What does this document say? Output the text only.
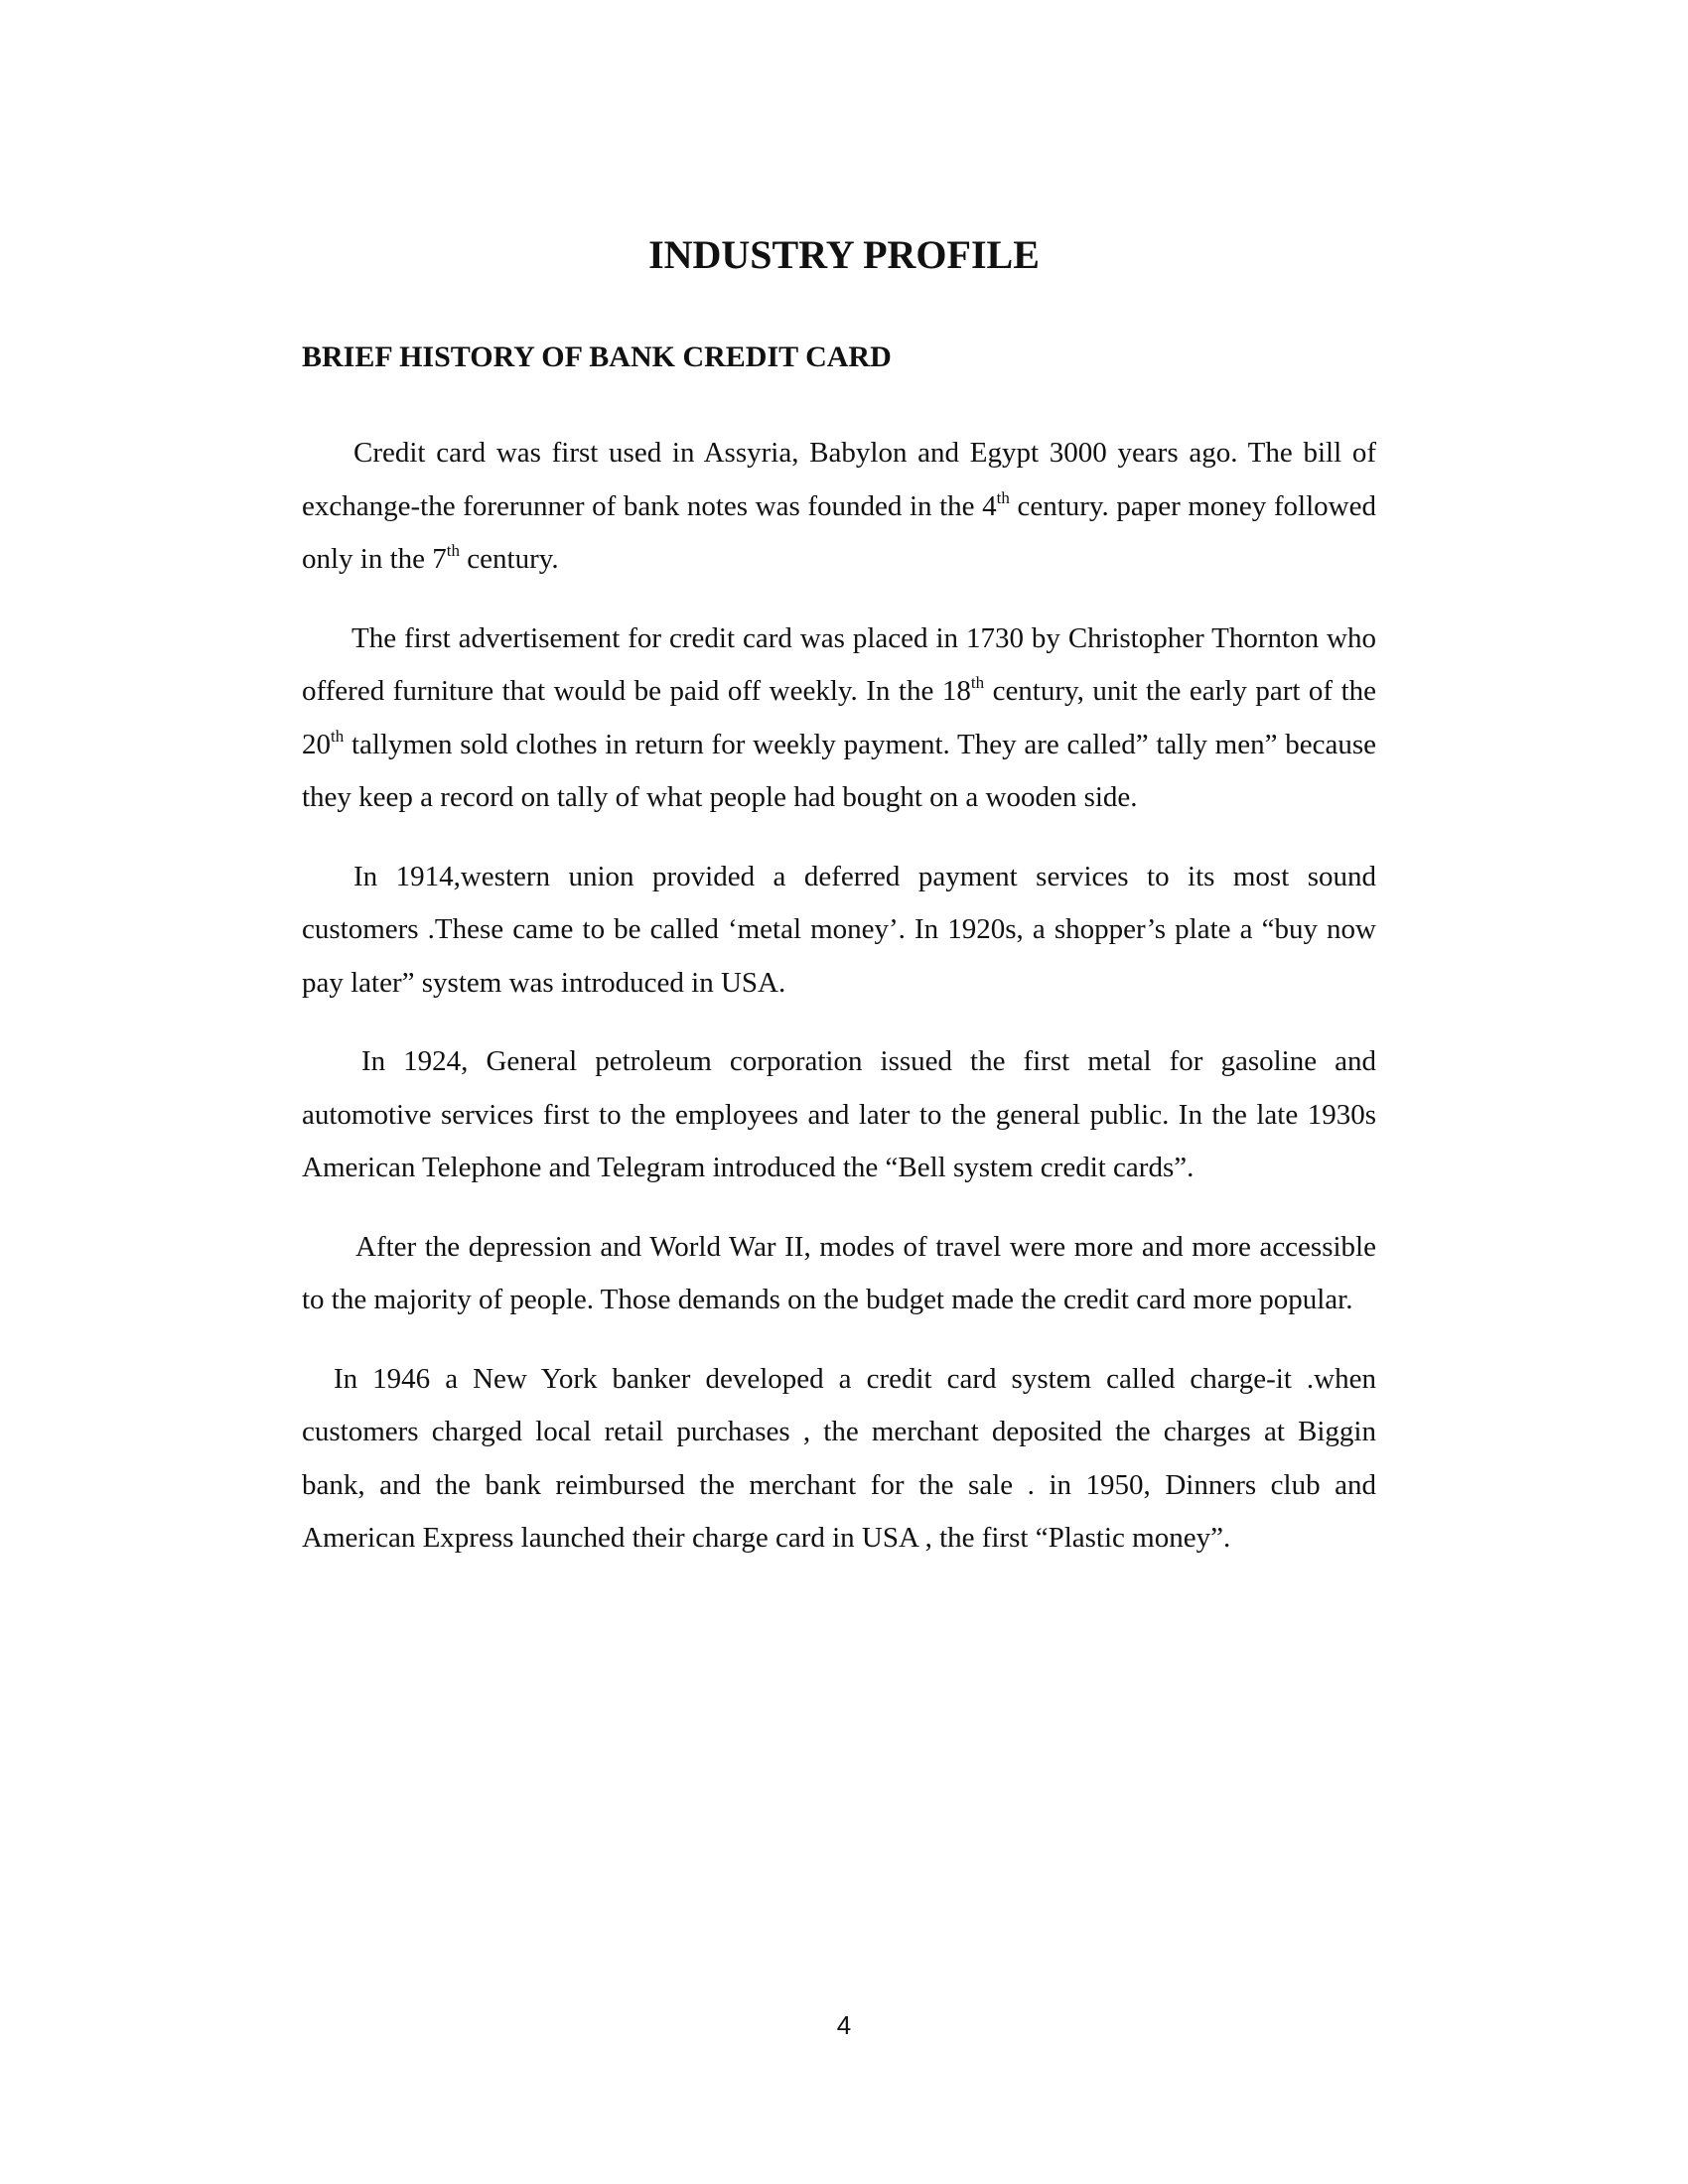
INDUSTRY PROFILE
BRIEF HISTORY OF BANK CREDIT CARD

Credit card was first used in Assyria, Babylon and Egypt 3000 years ago. The bill of exchange-the forerunner of bank notes was founded in the 4th century. paper money followed only in the 7th century.

The first advertisement for credit card was placed in 1730 by Christopher Thornton who offered furniture that would be paid off weekly. In the 18th century, unit the early part of the 20th tallymen sold clothes in return for weekly payment. They are called” tally men” because they keep a record on tally of what people had bought on a wooden side.

In 1914,western union provided a deferred payment services to its most sound customers .These came to be called ‘metal money’. In 1920s, a shopper’s plate a “buy now pay later” system was introduced in USA.

In 1924, General petroleum corporation issued the first metal for gasoline and automotive services first to the employees and later to the general public. In the late 1930s American Telephone and Telegram introduced the “Bell system credit cards”.

After the depression and World War II, modes of travel were more and more accessible to the majority of people. Those demands on the budget made the credit card more popular.

In 1946 a New York banker developed a credit card system called charge-it .when customers charged local retail purchases , the merchant deposited the charges at Biggin bank, and the bank reimbursed the merchant for the sale . in 1950, Dinners club and American Express launched their charge card in USA , the first “Plastic money”.

4
